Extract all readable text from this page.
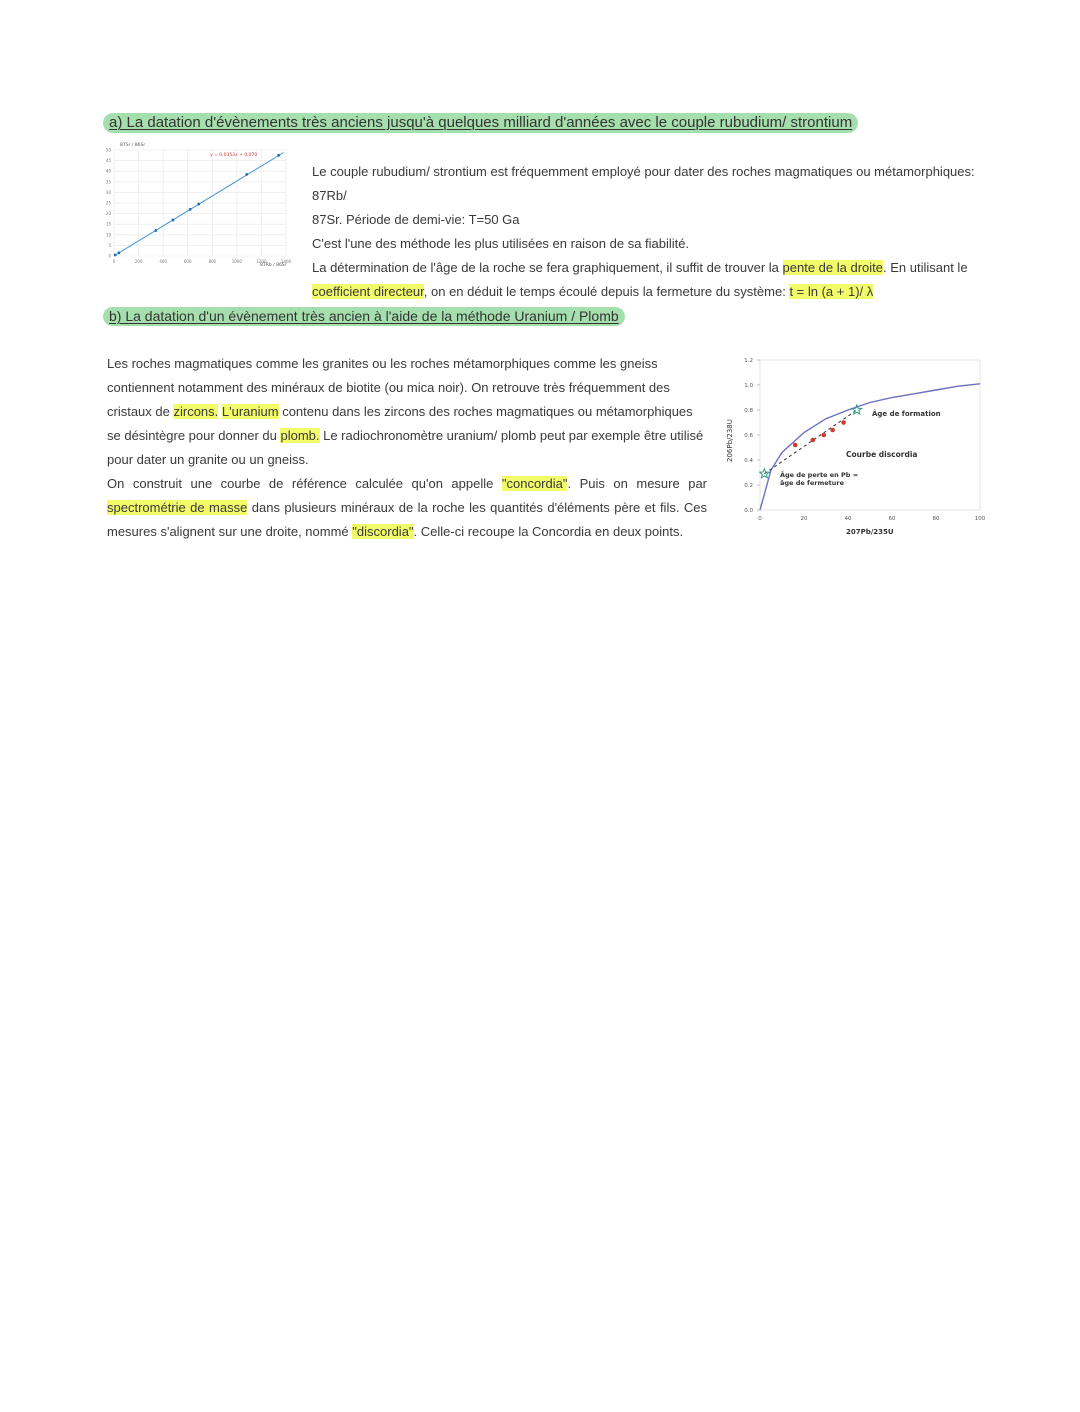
a) La datation d'évènements très anciens jusqu'à quelques milliard d'années avec le couple rubudium/ strontium
0
5
10
15
20
25
30
35
40
45
50
0	200	400	600	800	1000	1200	1400
87Sr / 86Sr
87Rb / 86Sr
y = 0,0353x + 0,070
Le couple rubudium/ strontium est fréquemment employé pour dater des roches magmatiques ou métamorphiques: 87Rb/
87Sr. Période de demi-vie: T=50 Ga
C'est l'une des méthode les plus utilisées en raison de sa fiabilité.
La détermination de l'âge de la roche se fera graphiquement, il suffit de trouver la pente de la droite. En utilisant le
coefficient directeur, on en déduit le temps écoulé depuis la fermeture du système: t = ln (a + 1)/ λ
b) La datation d'un évènement très ancien à l'aide de la méthode Uranium / Plomb
Les roches magmatiques comme les granites ou les roches métamorphiques comme les gneiss contiennent notamment des minéraux de biotite (ou mica noir). On retrouve très fréquemment des cristaux de zircons. L'uranium contenu dans les zircons des roches magmatiques ou métamorphiques se désintègre pour donner du plomb. Le radiochronomètre uranium/ plomb peut par exemple être utilisé pour dater un granite ou un gneiss.
On construit une courbe de référence calculée qu'on appelle "concordia". Puis on mesure par spectrométrie de masse dans plusieurs minéraux de la roche les quantités d'éléments père et fils. Ces mesures s'alignent sur une droite, nommé "discordia". Celle-ci recoupe la Concordia en deux points.
0.0
0.2
0.4
0.6
0.8
1.0
1.2
0	20	40	60	80	100
206Pb/238U
207Pb/235U
Âge de formation
Courbe discordia
Âge de perte en Pb =
âge de fermeture
